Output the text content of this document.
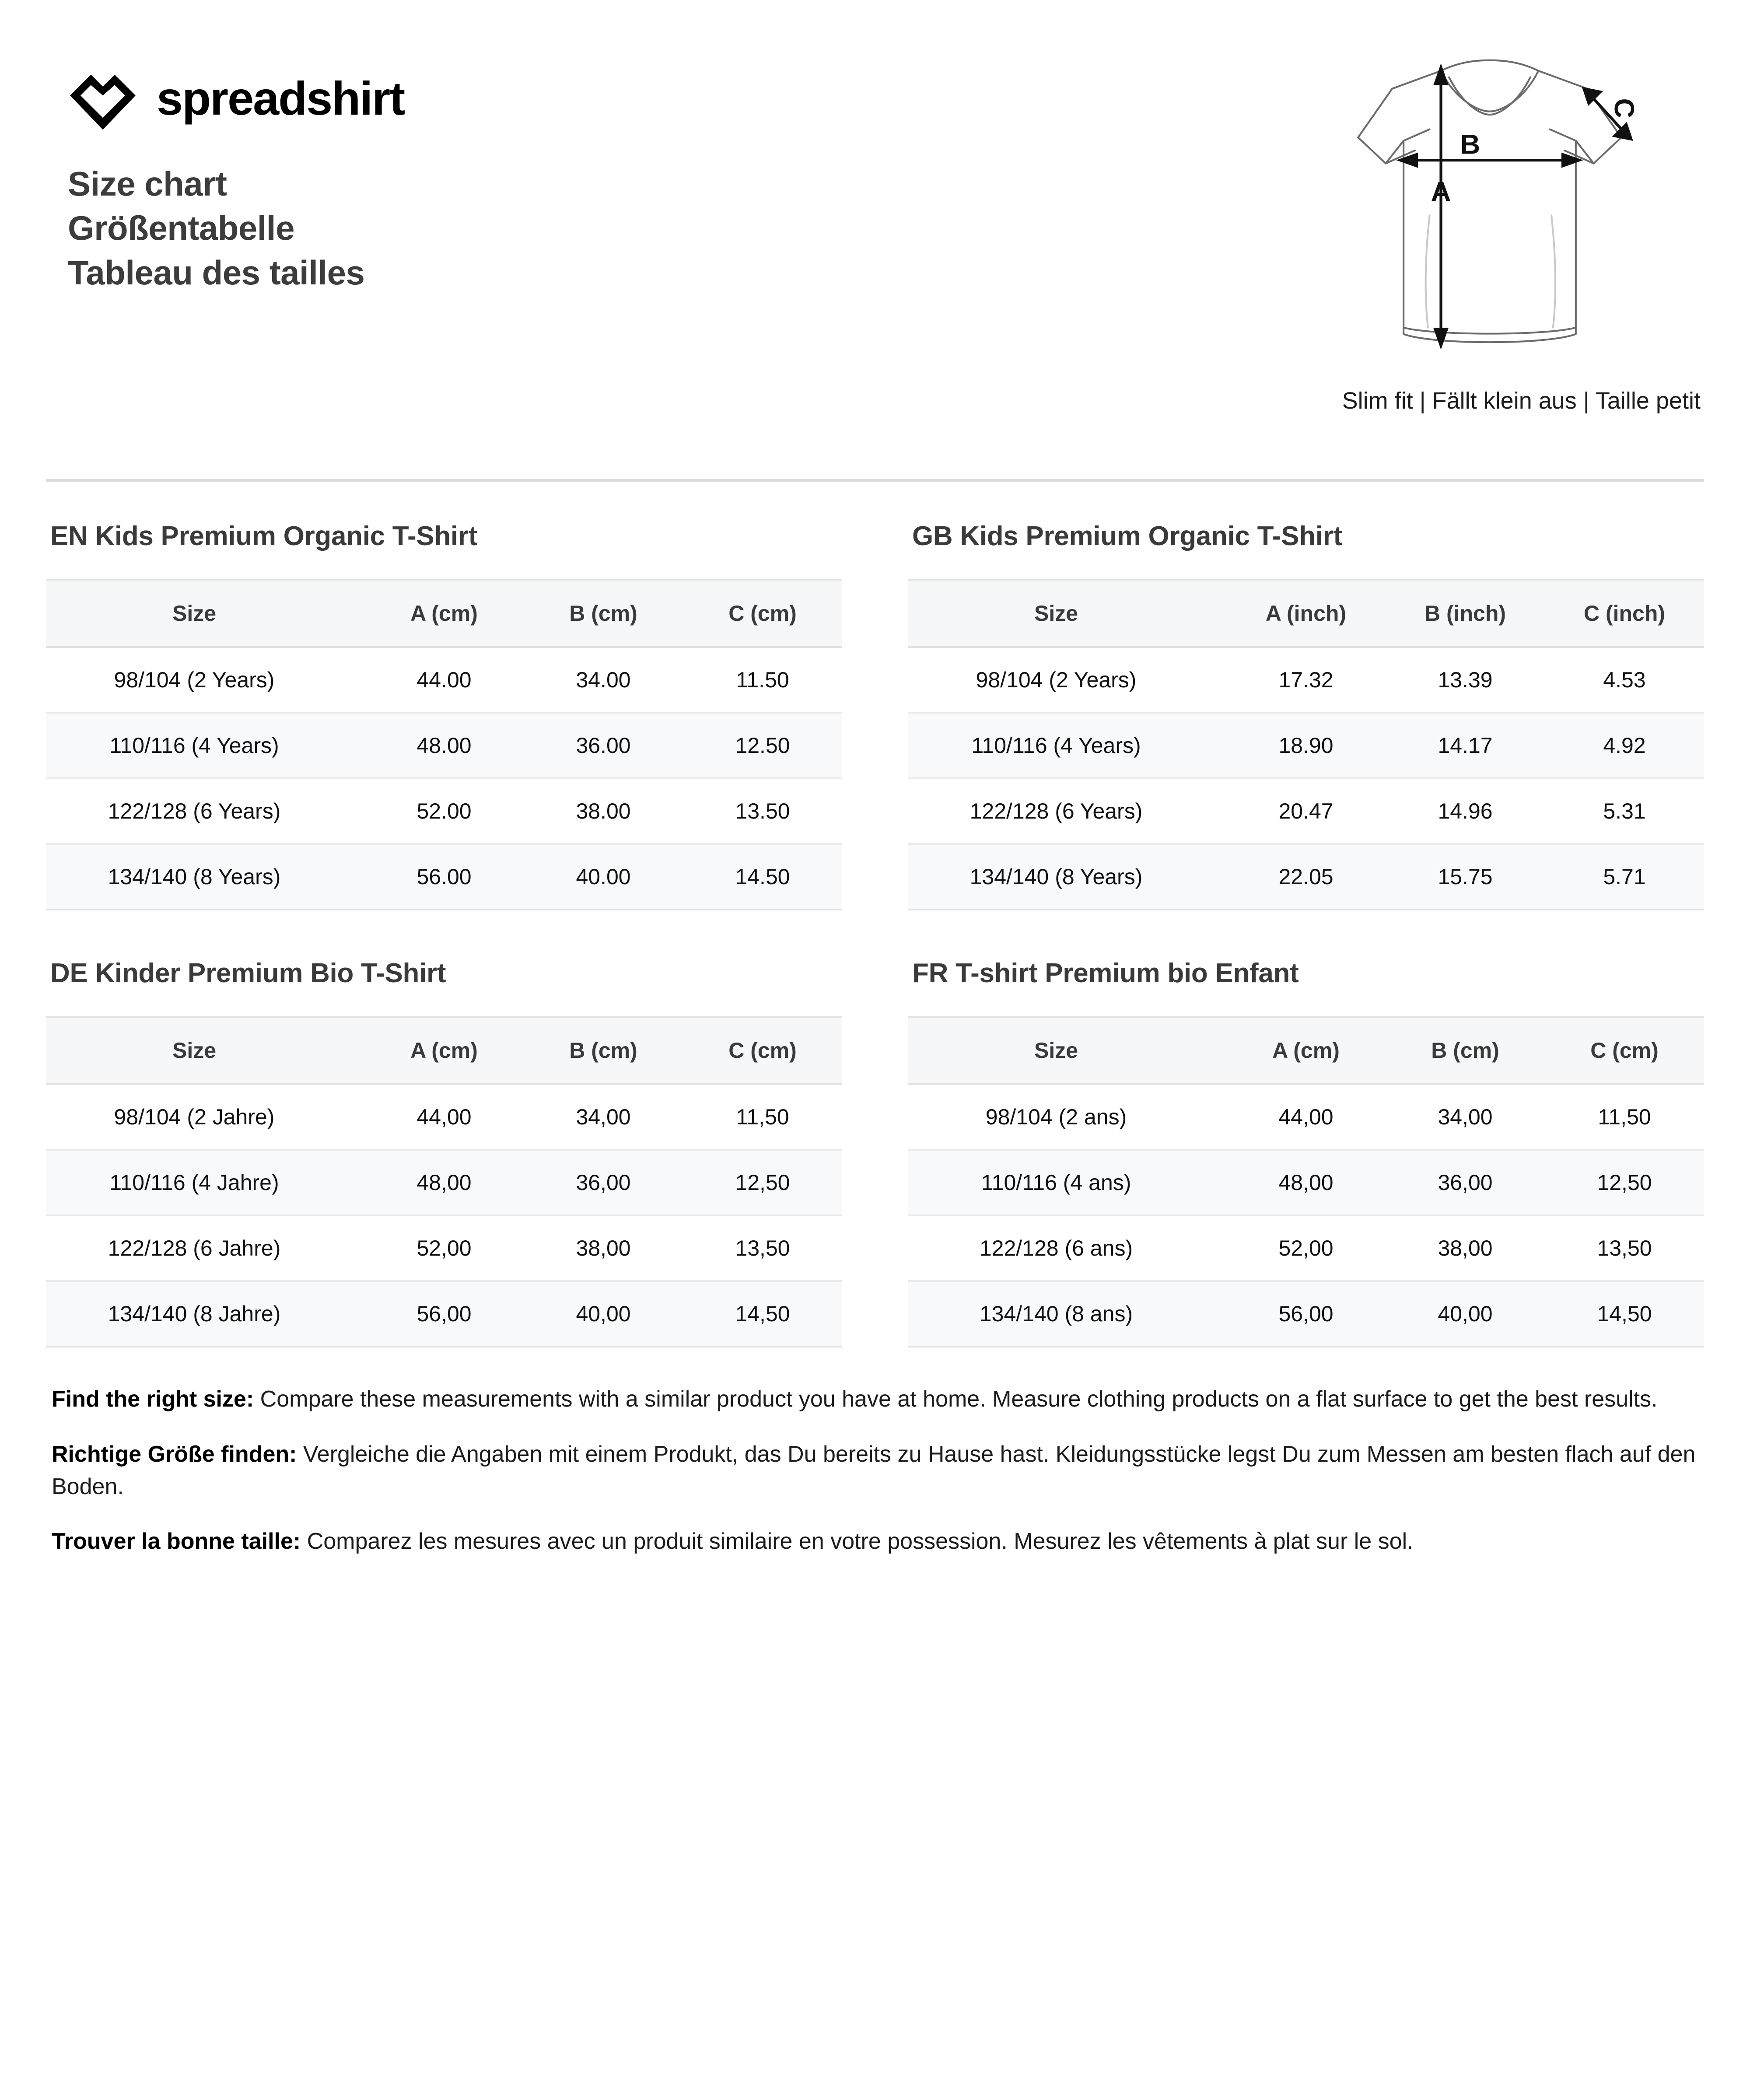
spreadshirt
Size chart
Größentabelle
Tableau des tailles
A
B
C
Slim fit | Fällt klein aus | Taille petit
EN Kids Premium Organic T-Shirt
Size	A (cm)	B (cm)	C (cm)
98/104 (2 Years)	44.00	34.00	11.50
110/116 (4 Years)	48.00	36.00	12.50
122/128 (6 Years)	52.00	38.00	13.50
134/140 (8 Years)	56.00	40.00	14.50
GB Kids Premium Organic T-Shirt
Size	A (inch)	B (inch)	C (inch)
98/104 (2 Years)	17.32	13.39	4.53
110/116 (4 Years)	18.90	14.17	4.92
122/128 (6 Years)	20.47	14.96	5.31
134/140 (8 Years)	22.05	15.75	5.71
DE Kinder Premium Bio T-Shirt
Size	A (cm)	B (cm)	C (cm)
98/104 (2 Jahre)	44,00	34,00	11,50
110/116 (4 Jahre)	48,00	36,00	12,50
122/128 (6 Jahre)	52,00	38,00	13,50
134/140 (8 Jahre)	56,00	40,00	14,50
FR T-shirt Premium bio Enfant
Size	A (cm)	B (cm)	C (cm)
98/104 (2 ans)	44,00	34,00	11,50
110/116 (4 ans)	48,00	36,00	12,50
122/128 (6 ans)	52,00	38,00	13,50
134/140 (8 ans)	56,00	40,00	14,50

Find the right size: Compare these measurements with a similar product you have at home. Measure clothing products on a flat surface to get the best results.

Richtige Größe finden: Vergleiche die Angaben mit einem Produkt, das Du bereits zu Hause hast. Kleidungsstücke legst Du zum Messen am besten flach auf den Boden.

Trouver la bonne taille: Comparez les mesures avec un produit similaire en votre possession. Mesurez les vêtements à plat sur le sol.
